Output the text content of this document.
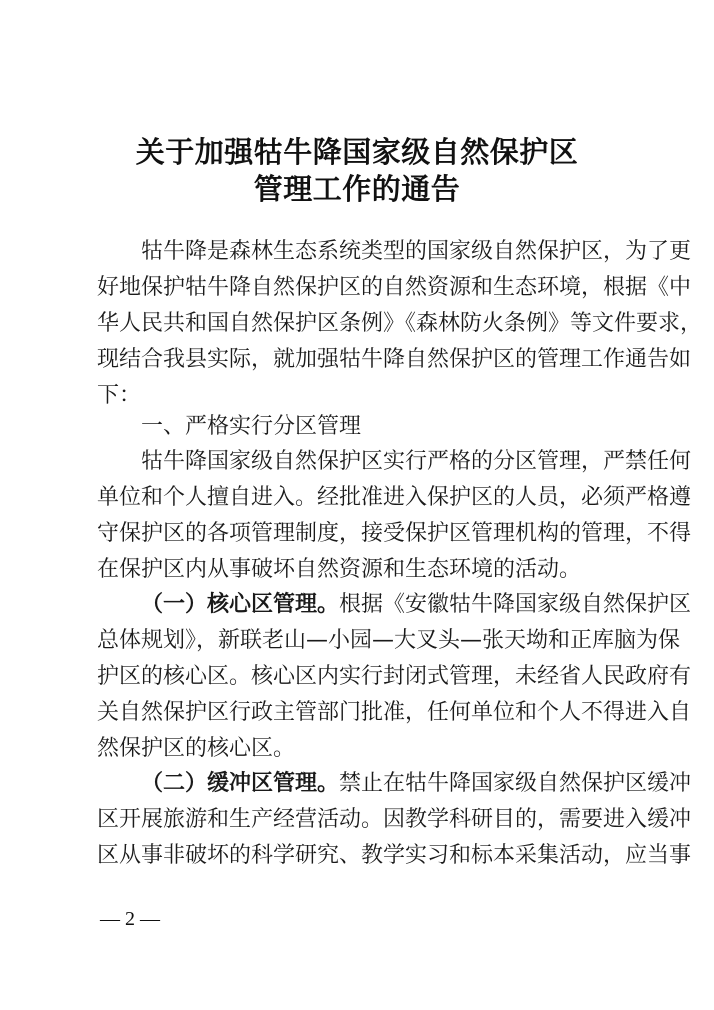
关于加强牯牛降国家级自然保护区
管理工作的通告
牯牛降是森林生态系统类型的国家级自然保护区，为了更
好地保护牯牛降自然保护区的自然资源和生态环境，根据《中
华人民共和国自然保护区条例》《森林防火条例》等文件要求，
现结合我县实际，就加强牯牛降自然保护区的管理工作通告如
下：
一、严格实行分区管理
牯牛降国家级自然保护区实行严格的分区管理，严禁任何
单位和个人擅自进入。经批准进入保护区的人员，必须严格遵
守保护区的各项管理制度，接受保护区管理机构的管理，不得
在保护区内从事破坏自然资源和生态环境的活动。
（一）核心区管理。根据《安徽牯牛降国家级自然保护区
总体规划》，新联老山—小园—大叉头—张天坳和正库脑为保
护区的核心区。核心区内实行封闭式管理，未经省人民政府有
关自然保护区行政主管部门批准，任何单位和个人不得进入自
然保护区的核心区。
（二）缓冲区管理。禁止在牯牛降国家级自然保护区缓冲
区开展旅游和生产经营活动。因教学科研目的，需要进入缓冲
区从事非破坏的科学研究、教学实习和标本采集活动，应当事
— 2 —
